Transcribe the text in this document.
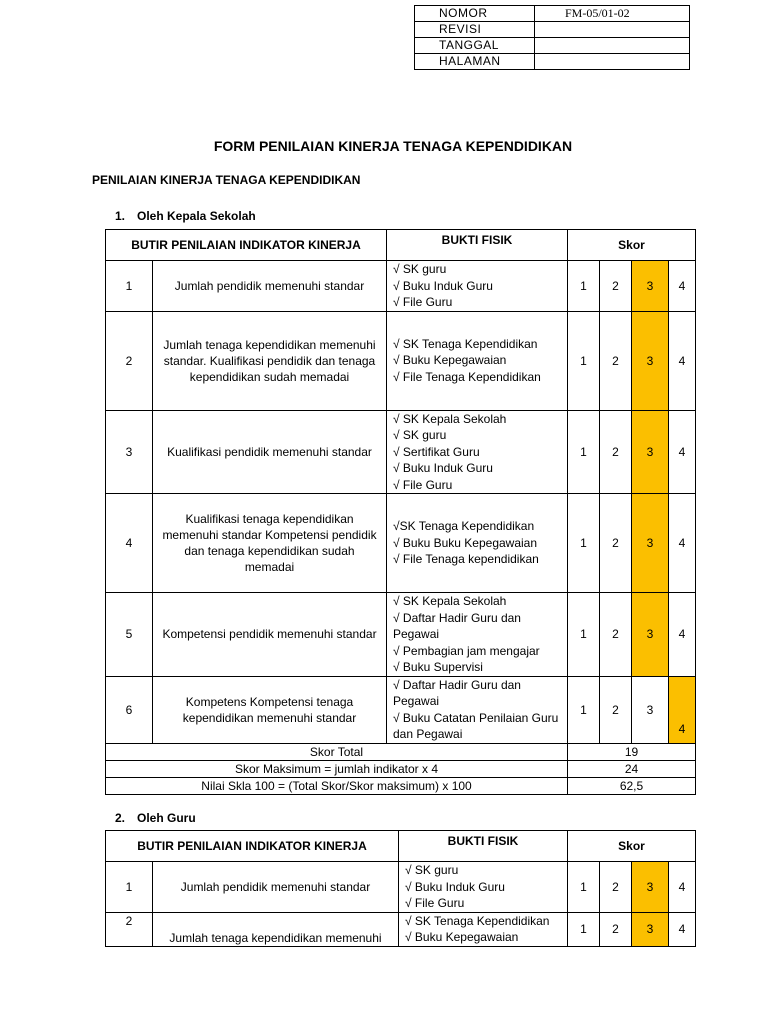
NOMOR	FM-05/01-02
REVISI	
TANGGAL	
HALAMAN	
FORM PENILAIAN KINERJA TENAGA KEPENDIDIKAN
PENILAIAN KINERJA TENAGA KEPENDIDIKAN
1. Oleh Kepala Sekolah
BUTIR PENILAIAN INDIKATOR KINERJA		BUKTI FISIK	Skor			
1	Jumlah pendidik memenuhi standar	√ SK guru
√ Buku Induk Guru
√ File Guru	1	2	3	4
2	Jumlah tenaga kependidikan memenuhi standar. Kualifikasi pendidik dan tenaga kependidikan sudah memadai	√ SK Tenaga Kependidikan
√ Buku Kepegawaian
√ File Tenaga Kependidikan	1	2	3	4
3	Kualifikasi pendidik memenuhi standar	√ SK Kepala Sekolah
√ SK guru
√ Sertifikat Guru
√ Buku Induk Guru
√ File Guru	1	2	3	4
4	Kualifikasi tenaga kependidikan memenuhi standar Kompetensi pendidik dan tenaga kependidikan sudah memadai	√SK Tenaga Kependidikan
√ Buku Buku Kepegawaian
√ File Tenaga kependidikan	1	2	3	4
5	Kompetensi pendidik memenuhi standar	√ SK Kepala Sekolah
√ Daftar Hadir Guru dan Pegawai
√ Pembagian jam mengajar
√ Buku Supervisi	1	2	3	4
6	Kompetens Kompetensi tenaga kependidikan memenuhi standar	√ Daftar Hadir Guru dan Pegawai
√ Buku Catatan Penilaian Guru dan Pegawai	1	2	3	4
Skor Total			19			
Skor Maksimum = jumlah indikator x 4			24			
Nilai Skla 100 = (Total Skor/Skor maksimum) x 100			62,5			
2. Oleh Guru
BUTIR PENILAIAN INDIKATOR KINERJA		BUKTI FISIK	Skor			
1	Jumlah pendidik memenuhi standar	√ SK guru
√ Buku Induk Guru
√ File Guru	1	2	3	4
2	Jumlah tenaga kependidikan memenuhi	√ SK Tenaga Kependidikan
√ Buku Kepegawaian	1	2	3	4
